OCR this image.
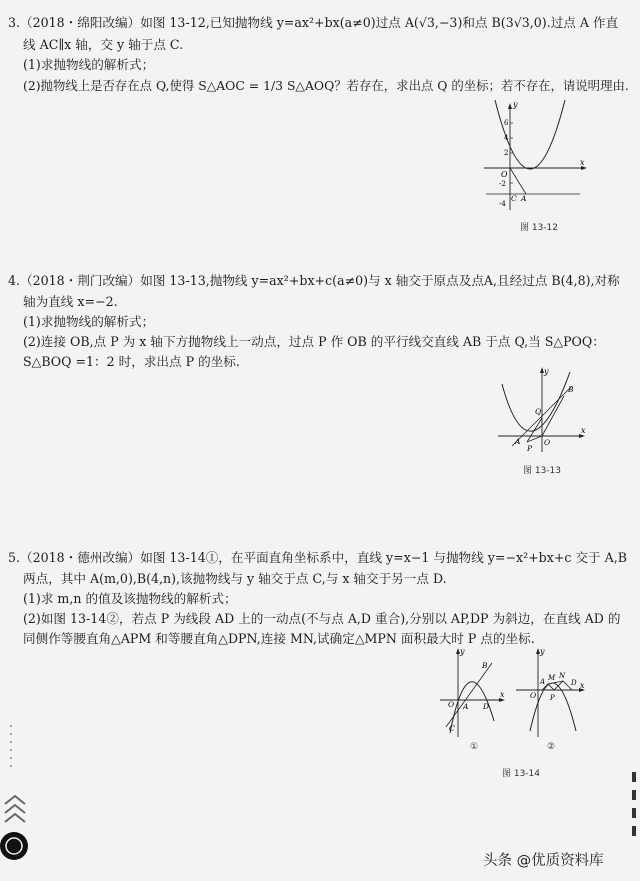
3.（2018・绵阳改编）如图 13-12,已知抛物线 y=ax²+bx(a≠0)过点 A(√3,−3)和点 B(3√3,0).过点 A 作直
线 AC∥x 轴，交 y 轴于点 C.
(1)求抛物线的解析式；
(2)抛物线上是否存在点 Q,使得 S△AOC = 1/3 S△AOQ？若存在，求出点 Q 的坐标；若不存在，请说明理由.
y
x
O
C A
6
4
2
-2
-4
图 13-12
4.（2018・荆门改编）如图 13-13,抛物线 y=ax²+bx+c(a≠0)与 x 轴交于原点及点A,且经过点 B(4,8),对称
轴为直线 x=−2.
(1)求抛物线的解析式；
(2)连接 OB,点 P 为 x 轴下方抛物线上一动点，过点 P 作 OB 的平行线交直线 AB 于点 Q,当 S△POQ：
S△BOQ =1：2 时，求出点 P 的坐标.
y
x
O
A
B
P
Q
图 13-13
5.（2018・德州改编）如图 13-14①，在平面直角坐标系中，直线 y=x−1 与抛物线 y=−x²+bx+c 交于 A,B
两点，其中 A(m,0),B(4,n),该抛物线与 y 轴交于点 C,与 x 轴交于另一点 D.
(1)求 m,n 的值及该抛物线的解析式；
(2)如图 13-14②，若点 P 为线段 AD 上的一动点(不与点 A,D 重合),分别以 AP,DP 为斜边，在直线 AD 的
同侧作等腰直角△APM 和等腰直角△DPN,连接 MN,试确定△MPN 面积最大时 P 点的坐标.
y
x
O A
B
C
D
①
y
x
O
A
P
M N
D
②
图 13-14
头条 @优质资料库
